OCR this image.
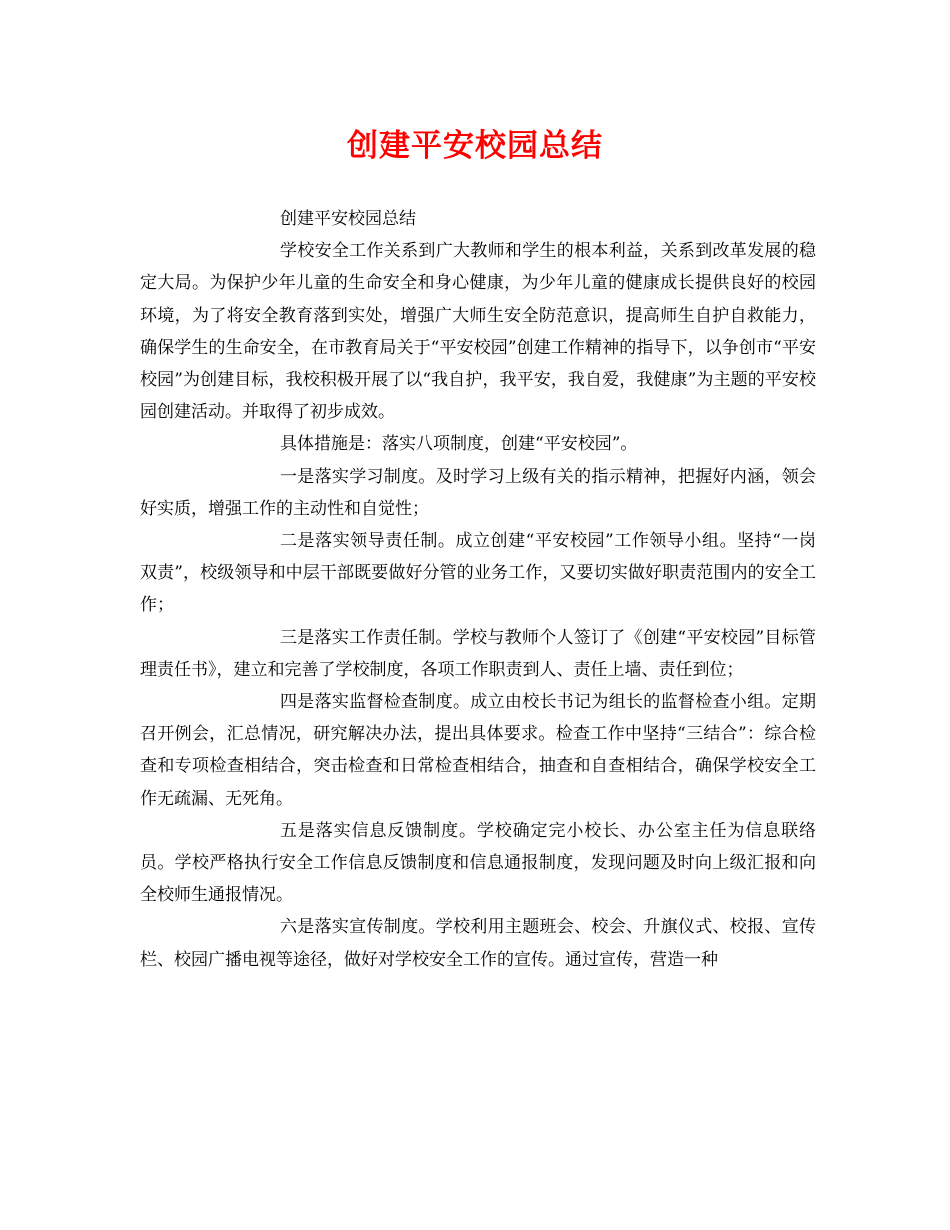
创建平安校园总结

创建平安校园总结

学校安全工作关系到广大教师和学生的根本利益，关系到改革发展的稳定大局。为保护少年儿童的生命安全和身心健康，为少年儿童的健康成长提供良好的校园环境，为了将安全教育落到实处，增强广大师生安全防范意识，提高师生自护自救能力，确保学生的生命安全，在市教育局关于“平安校园”创建工作精神的指导下，以争创市“平安校园”为创建目标，我校积极开展了以“我自护，我平安，我自爱，我健康”为主题的平安校园创建活动。并取得了初步成效。

具体措施是：落实八项制度，创建“平安校园”。

一是落实学习制度。及时学习上级有关的指示精神，把握好内涵，领会好实质，增强工作的主动性和自觉性；

二是落实领导责任制。成立创建“平安校园”工作领导小组。坚持“一岗双责”，校级领导和中层干部既要做好分管的业务工作，又要切实做好职责范围内的安全工作；

三是落实工作责任制。学校与教师个人签订了《创建“平安校园”目标管理责任书》，建立和完善了学校制度，各项工作职责到人、责任上墙、责任到位；

四是落实监督检查制度。成立由校长书记为组长的监督检查小组。定期召开例会，汇总情况，研究解决办法，提出具体要求。检查工作中坚持“三结合”：综合检查和专项检查相结合，突击检查和日常检查相结合，抽查和自查相结合，确保学校安全工作无疏漏、无死角。

五是落实信息反馈制度。学校确定完小校长、办公室主任为信息联络员。学校严格执行安全工作信息反馈制度和信息通报制度，发现问题及时向上级汇报和向全校师生通报情况。

六是落实宣传制度。学校利用主题班会、校会、升旗仪式、校报、宣传栏、校园广播电视等途径，做好对学校安全工作的宣传。通过宣传，营造一种
